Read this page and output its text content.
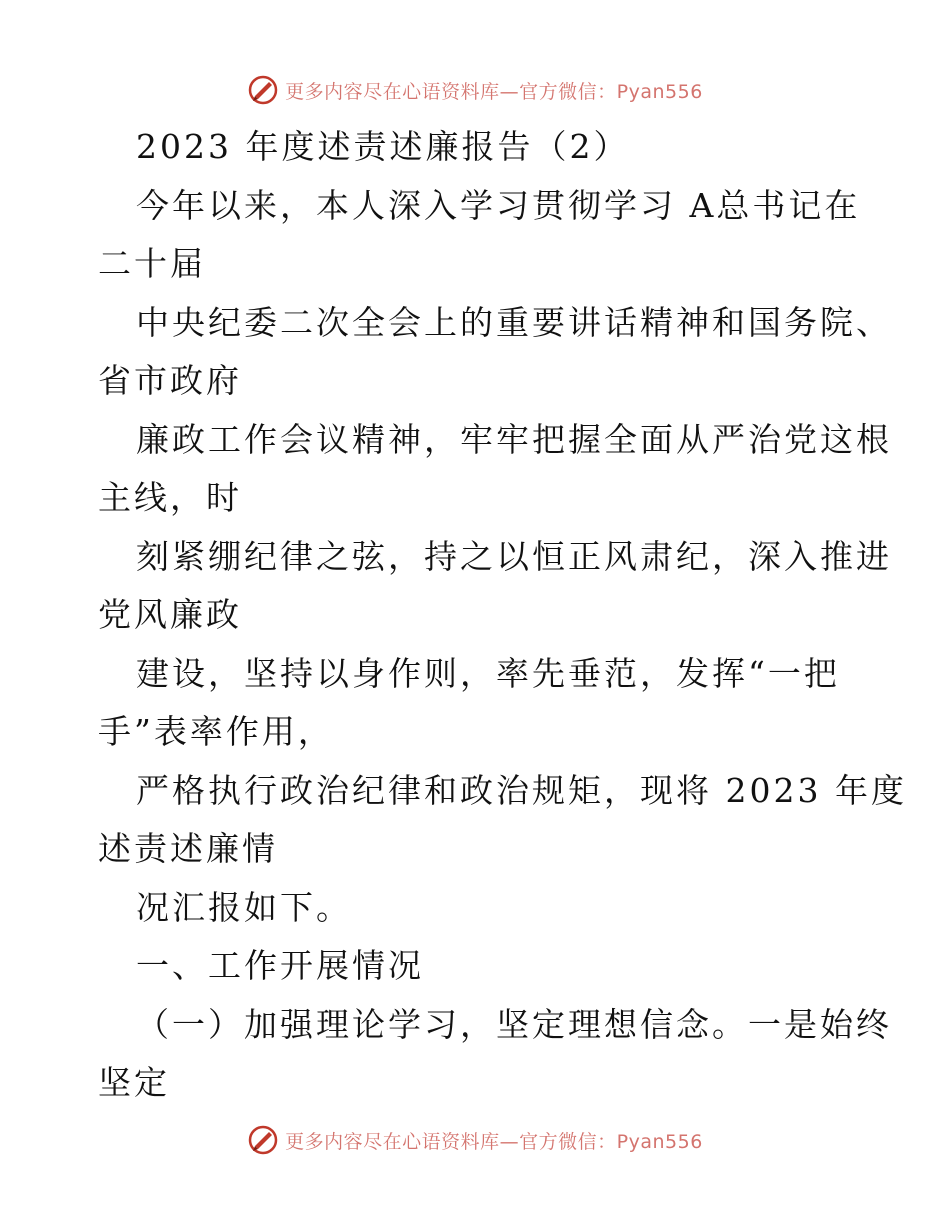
更多内容尽在心语资料库—官方微信：Pyan556
2023 年度述责述廉报告（2）
今年以来，本人深入学习贯彻学习 A总书记在
二十届
中央纪委二次全会上的重要讲话精神和国务院、
省市政府
廉政工作会议精神，牢牢把握全面从严治党这根
主线，时
刻紧绷纪律之弦，持之以恒正风肃纪，深入推进
党风廉政
建设，坚持以身作则，率先垂范，发挥“一把
手”表率作用，
严格执行政治纪律和政治规矩，现将 2023 年度
述责述廉情
况汇报如下。
一、工作开展情况
（一）加强理论学习，坚定理想信念。一是始终
坚定
更多内容尽在心语资料库—官方微信：Pyan556
